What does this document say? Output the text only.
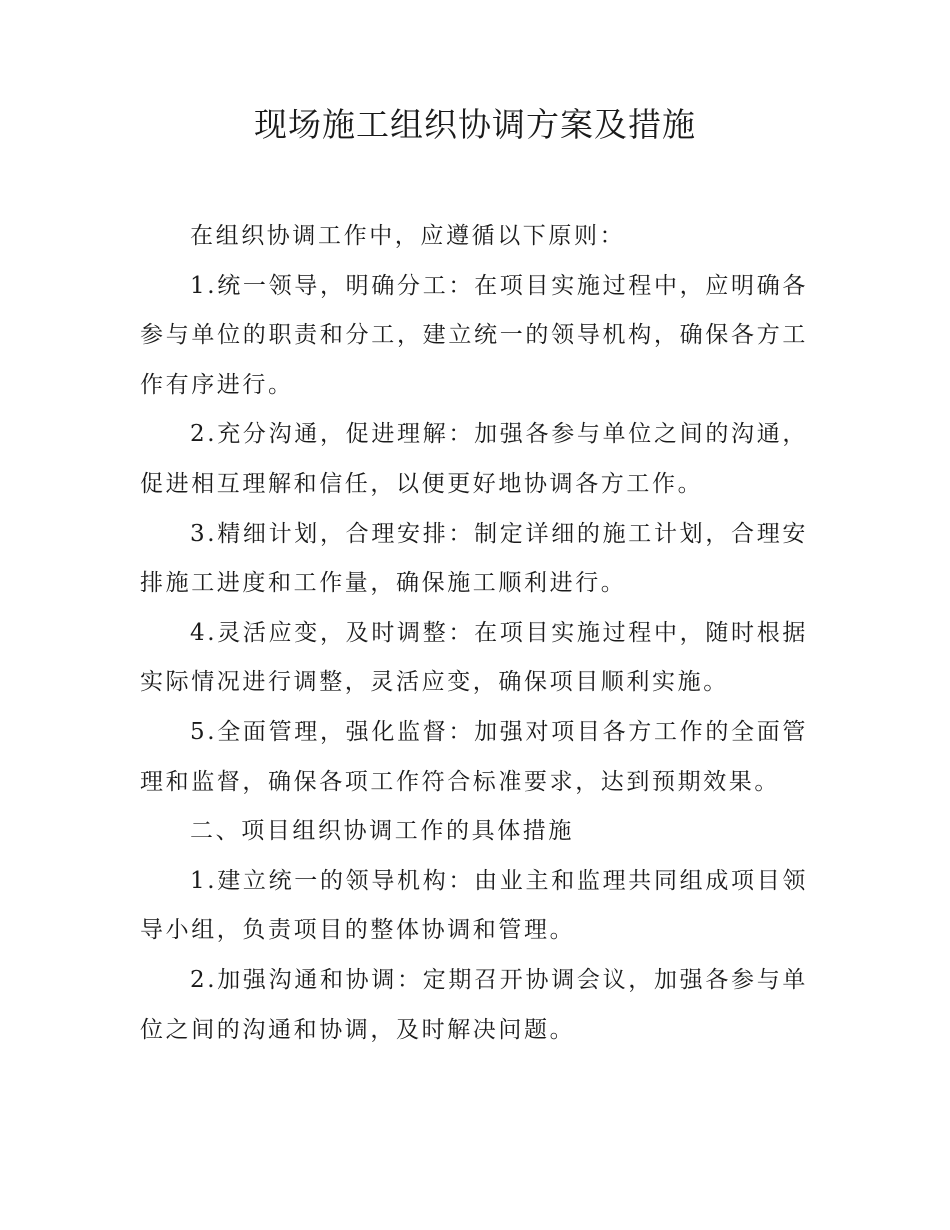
现场施工组织协调方案及措施

在组织协调工作中，应遵循以下原则：

1.统一领导，明确分工：在项目实施过程中，应明确各参与单位的职责和分工，建立统一的领导机构，确保各方工作有序进行。

2.充分沟通，促进理解：加强各参与单位之间的沟通，促进相互理解和信任，以便更好地协调各方工作。

3.精细计划，合理安排：制定详细的施工计划，合理安排施工进度和工作量，确保施工顺利进行。

4.灵活应变，及时调整：在项目实施过程中，随时根据实际情况进行调整，灵活应变，确保项目顺利实施。

5.全面管理，强化监督：加强对项目各方工作的全面管理和监督，确保各项工作符合标准要求，达到预期效果。

二、项目组织协调工作的具体措施

1.建立统一的领导机构：由业主和监理共同组成项目领导小组，负责项目的整体协调和管理。

2.加强沟通和协调：定期召开协调会议，加强各参与单位之间的沟通和协调，及时解决问题。
